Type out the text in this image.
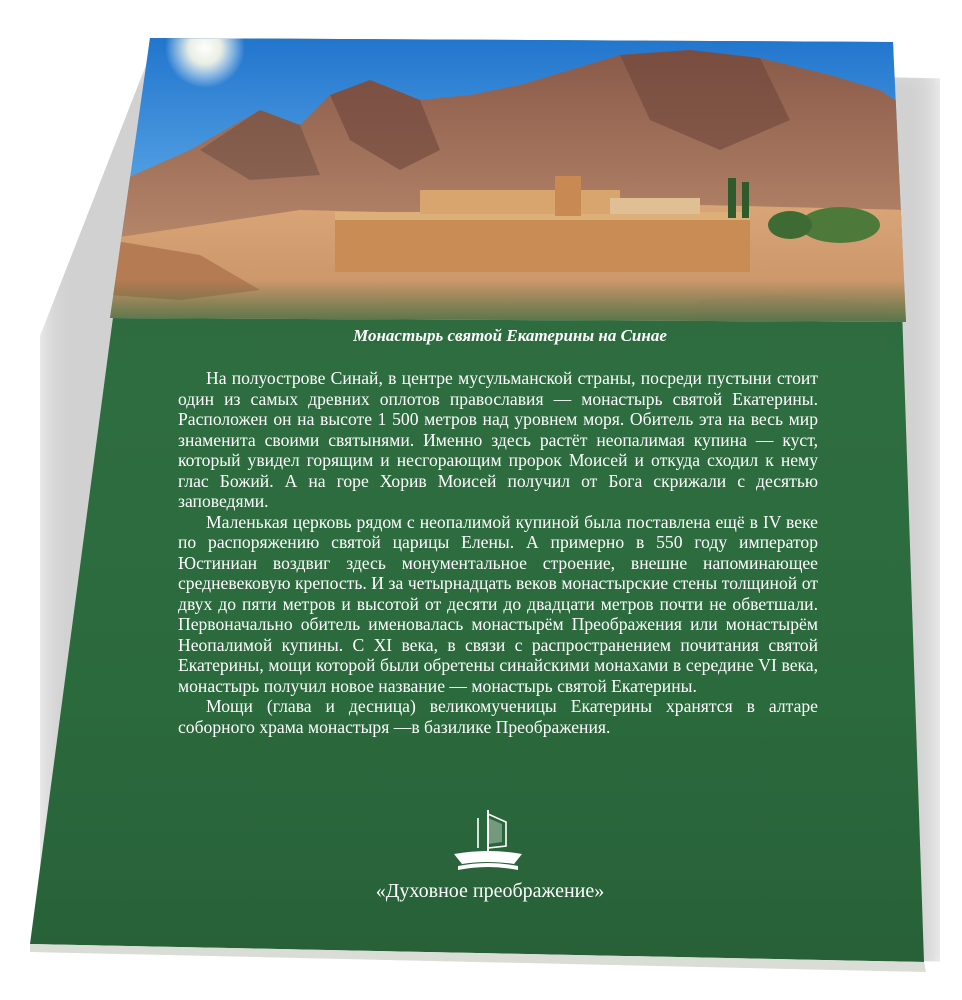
Монастырь святой Екатерины на Синае

На полуострове Синай, в центре мусульманской страны, посреди пустыни стоит один из самых древних оплотов православия — монастырь святой Екатерины. Расположен он на высоте 1 500 метров над уровнем моря. Обитель эта на весь мир знаменита своими святынями. Именно здесь растёт неопалимая купина — куст, который увидел горящим и несгорающим пророк Моисей и откуда сходил к нему глас Божий. А на горе Хорив Моисей получил от Бога скрижали с десятью заповедями.

Маленькая церковь рядом с неопалимой купиной была поставлена ещё в IV веке по распоряжению святой царицы Елены. А примерно в 550 году император Юстиниан воздвиг здесь монументальное строение, внешне напоминающее средневековую крепость. И за четырнадцать веков монастырские стены толщиной от двух до пяти метров и высотой от десяти до двадцати метров почти не обветшали. Первоначально обитель именовалась монастырём Преображения или монастырём Неопалимой купины. С XI века, в связи с распространением почитания святой Екатерины, мощи которой были обретены синайскими монахами в середине VI века, монастырь получил новое название — монастырь святой Екатерины.

Мощи (глава и десница) великомученицы Екатерины хранятся в алтаре соборного храма монастыря —в базилике Преображения.

«Духовное преображение»
